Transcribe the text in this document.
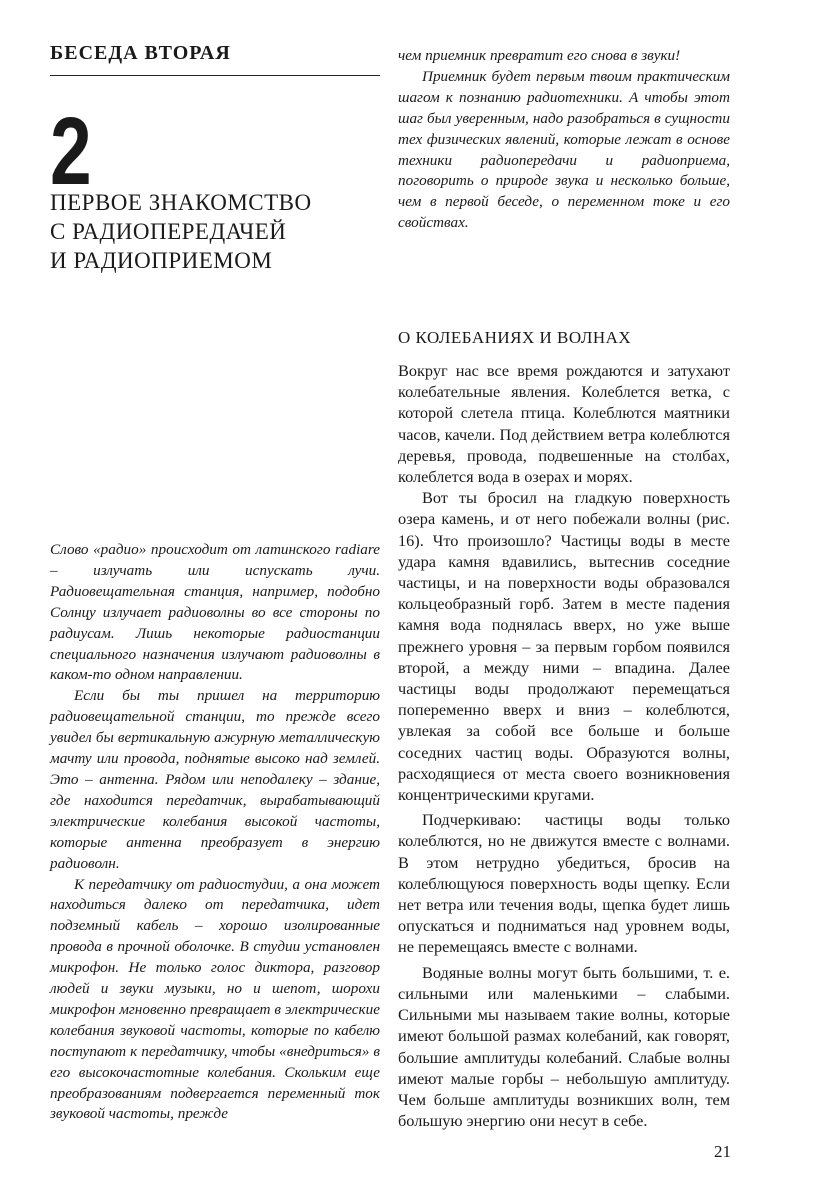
БЕСЕДА ВТОРАЯ
2
ПЕРВОЕ ЗНАКОМСТВО
С РАДИОПЕРЕДАЧЕЙ
И РАДИОПРИЕМОМ

чем приемник превратит его снова в звуки!

Приемник будет первым твоим практическим шагом к познанию радиотехники. А чтобы этот шаг был уверенным, надо разобраться в сущности тех физических явлений, которые лежат в основе техники радиопередачи и радиоприема, поговорить о природе звука и несколько больше, чем в первой беседе, о переменном токе и его свойствах.

Слово «радио» происходит от латинского radiare – излучать или испускать лучи. Радиовещательная станция, например, подобно Солнцу излучает радиоволны во все стороны по радиусам. Лишь некоторые радиостанции специального назначения излучают радиоволны в каком-то одном направлении.

Если бы ты пришел на территорию радиовещательной станции, то прежде всего увидел бы вертикальную ажурную металлическую мачту или провода, поднятые высоко над землей. Это – антенна. Рядом или неподалеку – здание, где находится передатчик, вырабатывающий электрические колебания высокой частоты, которые антенна преобразует в энергию радиоволн.

К передатчику от радиостудии, а она может находиться далеко от передатчика, идет подземный кабель – хорошо изолированные провода в прочной оболочке. В студии установлен микрофон. Не только голос диктора, разговор людей и звуки музыки, но и шепот, шорохи микрофон мгновенно превращает в электрические колебания звуковой частоты, которые по кабелю поступают к передатчику, чтобы «внедриться» в его высокочастотные колебания. Скольким еще преобразованиям подвергается переменный ток звуковой частоты, прежде

О КОЛЕБАНИЯХ И ВОЛНАХ

Вокруг нас все время рождаются и затухают колебательные явления. Колеблется ветка, с которой слетела птица. Колеблются маятники часов, качели. Под действием ветра колеблются деревья, провода, подвешенные на столбах, колеблется вода в озерах и морях.

Вот ты бросил на гладкую поверхность озера камень, и от него побежали волны (рис. 16). Что произошло? Частицы воды в месте удара камня вдавились, вытеснив соседние частицы, и на поверхности воды образовался кольцеобразный горб. Затем в месте падения камня вода поднялась вверх, но уже выше прежнего уровня – за первым горбом появился второй, а между ними – впадина. Далее частицы воды продолжают перемещаться попеременно вверх и вниз – колеблются, увлекая за собой все больше и больше соседних частиц воды. Образуются волны, расходящиеся от места своего возникновения концентрическими кругами.

Подчеркиваю: частицы воды только колеблются, но не движутся вместе с волнами. В этом нетрудно убедиться, бросив на колеблющуюся поверхность воды щепку. Если нет ветра или течения воды, щепка будет лишь опускаться и подниматься над уровнем воды, не перемещаясь вместе с волнами.

Водяные волны могут быть большими, т. е. сильными или маленькими – слабыми. Сильными мы называем такие волны, которые имеют большой размах колебаний, как говорят, большие амплитуды колебаний. Слабые волны имеют малые горбы – небольшую амплитуду. Чем больше амплитуды возникших волн, тем большую энергию они несут в себе.

21
